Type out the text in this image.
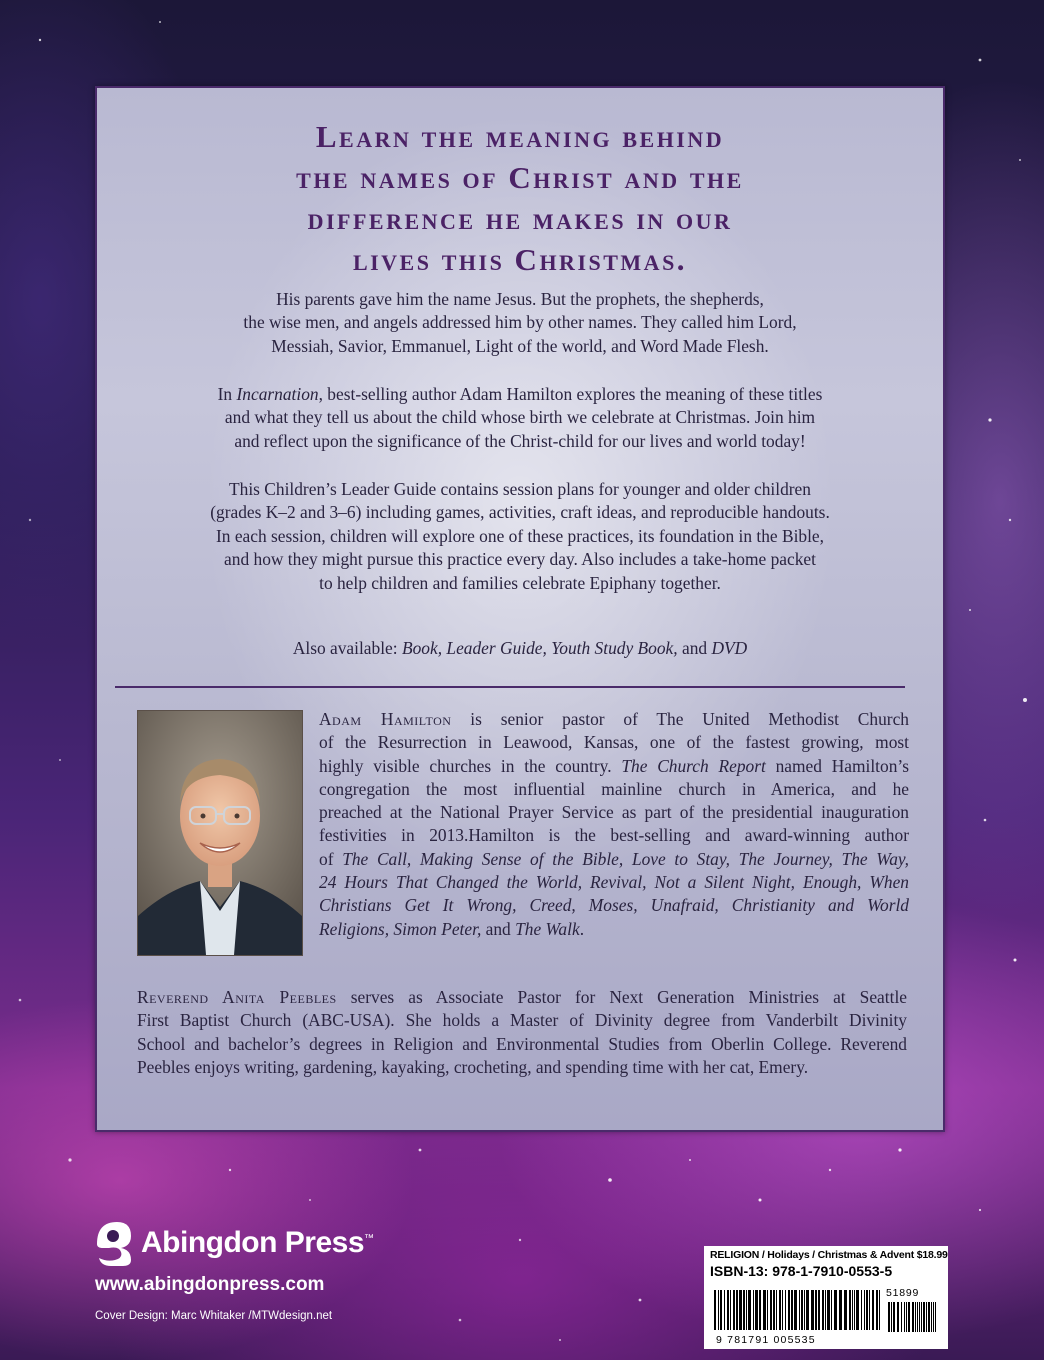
Learn the meaning behind
the names of Christ and the
difference he makes in our
lives this Christmas.
His parents gave him the name Jesus. But the prophets, the shepherds,
the wise men, and angels addressed him by other names. They called him Lord,
Messiah, Savior, Emmanuel, Light of the world, and Word Made Flesh.
In Incarnation, best-selling author Adam Hamilton explores the meaning of these titles
and what they tell us about the child whose birth we celebrate at Christmas. Join him
and reflect upon the significance of the Christ-child for our lives and world today!
This Children’s Leader Guide contains session plans for younger and older children
(grades K–2 and 3–6) including games, activities, craft ideas, and reproducible handouts.
In each session, children will explore one of these practices, its foundation in the Bible,
and how they might pursue this practice every day. Also includes a take-home packet
to help children and families celebrate Epiphany together.
Also available: Book, Leader Guide, Youth Study Book, and DVD
Adam Hamilton is senior pastor of The United Methodist Church
of the Resurrection in Leawood, Kansas, one of the fastest growing, most
highly visible churches in the country. The Church Report named Hamilton’s
congregation the most influential mainline church in America, and he
preached at the National Prayer Service as part of the presidential inauguration
festivities in 2013.Hamilton is the best-selling and award-winning author
of The Call, Making Sense of the Bible, Love to Stay, The Journey, The Way,
24 Hours That Changed the World, Revival, Not a Silent Night, Enough, When
Christians Get It Wrong, Creed, Moses, Unafraid, Christianity and World
Religions, Simon Peter, and The Walk.
Reverend Anita Peebles serves as Associate Pastor for Next Generation Ministries at Seattle
First Baptist Church (ABC-USA). She holds a Master of Divinity degree from Vanderbilt Divinity
School and bachelor’s degrees in Religion and Environmental Studies from Oberlin College. Reverend
Peebles enjoys writing, gardening, kayaking, crocheting, and spending time with her cat, Emery.
Abingdon Press™
www.abingdonpress.com
Cover Design: Marc Whitaker /MTWdesign.net
RELIGION / Holidays / Christmas & Advent $18.99
ISBN-13: 978-1-7910-0553-5
9 781791 005535
51899
